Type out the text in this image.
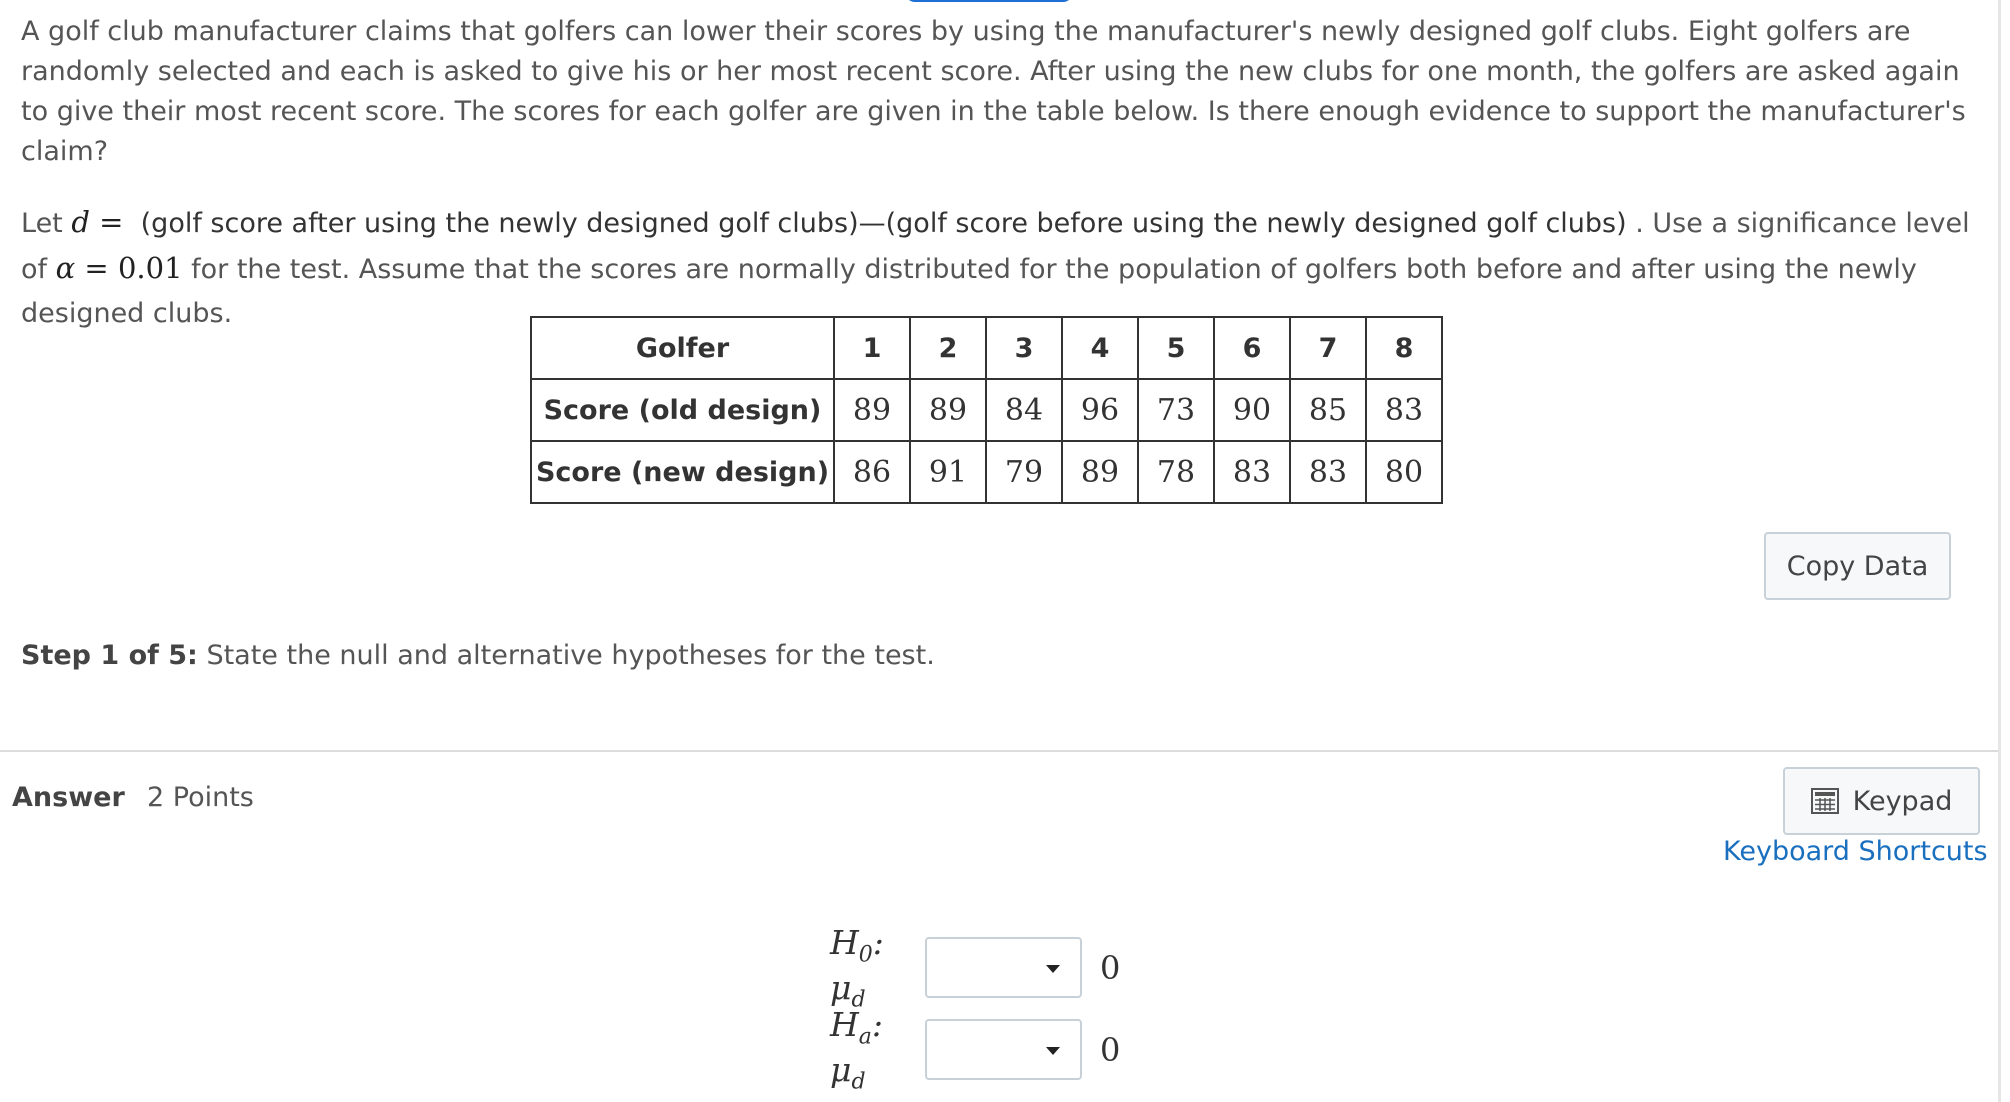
A golf club manufacturer claims that golfers can lower their scores by using the manufacturer's newly designed golf clubs. Eight golfers are randomly selected and each is asked to give his or her most recent score. After using the new clubs for one month, the golfers are asked again to give their most recent score. The scores for each golfer are given in the table below. Is there enough evidence to support the manufacturer's claim?

Let d = (golf score after using the newly designed golf clubs)—(golf score before using the newly designed golf clubs) . Use a significance level of α = 0.01 for the test. Assume that the scores are normally distributed for the population of golfers both before and after using the newly designed clubs.

Golfer	1	2	3	4	5	6	7	8
Score (old design)	89	89	84	96	73	90	85	83
Score (new design)	86	91	79	89	78	83	83	80
Copy Data
Step 1 of 5: State the null and alternative hypotheses for the test.
Answer 2 Points	Keypad
Keyboard Shortcuts
$H_0$: $\mu_d$
0
$H_a$: $\mu_d$
0
